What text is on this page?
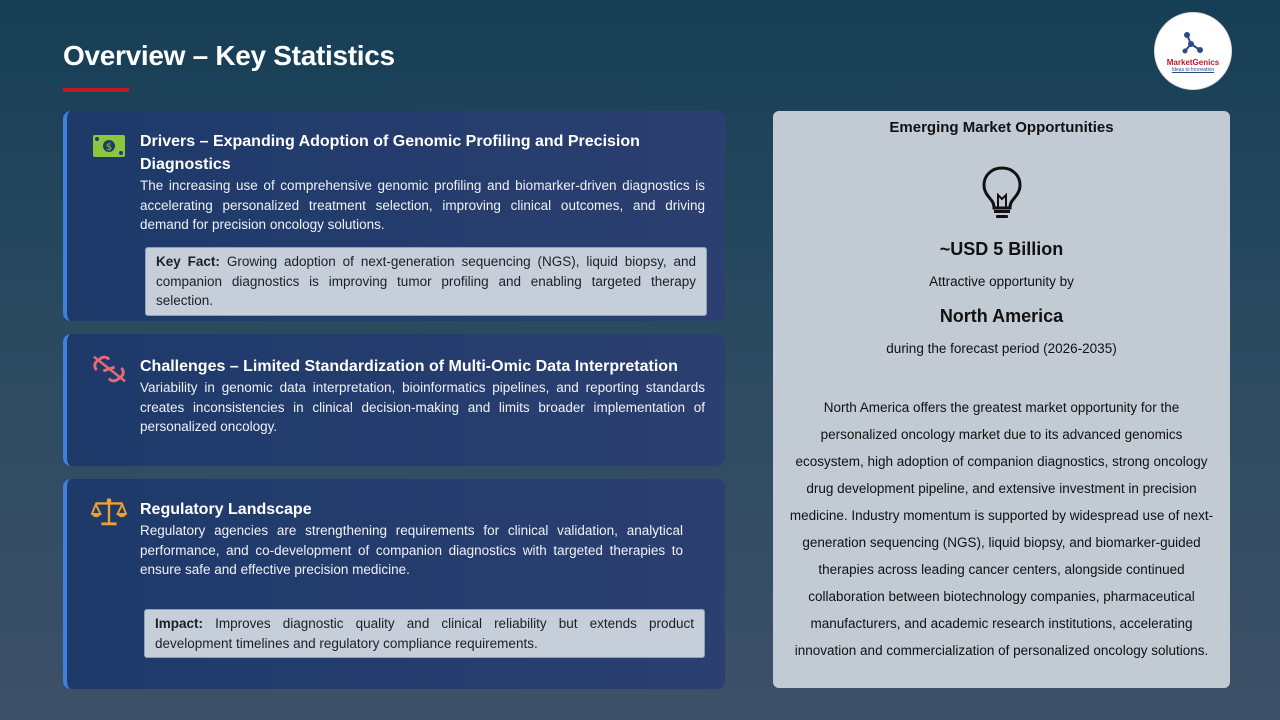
Overview – Key Statistics	MarketGenics
Ideas to Innovation
$ Drivers – Expanding Adoption of Genomic Profiling and Precision Diagnostics
The increasing use of comprehensive genomic profiling and biomarker-driven diagnostics is accelerating personalized treatment selection, improving clinical outcomes, and driving demand for precision oncology solutions.
Key Fact: Growing adoption of next-generation sequencing (NGS), liquid biopsy, and companion diagnostics is improving tumor profiling and enabling targeted therapy selection.
Challenges – Limited Standardization of Multi-Omic Data Interpretation
Variability in genomic data interpretation, bioinformatics pipelines, and reporting standards creates inconsistencies in clinical decision-making and limits broader implementation of personalized oncology.
Regulatory Landscape
Regulatory agencies are strengthening requirements for clinical validation, analytical performance, and co-development of companion diagnostics with targeted therapies to ensure safe and effective precision medicine.
Impact: Improves diagnostic quality and clinical reliability but extends product development timelines and regulatory compliance requirements.
Emerging Market Opportunities
~USD 5 Billion
Attractive opportunity by
North America
during the forecast period (2026-2035)
North America offers the greatest market opportunity for the personalized oncology market due to its advanced genomics ecosystem, high adoption of companion diagnostics, strong oncology drug development pipeline, and extensive investment in precision medicine. Industry momentum is supported by widespread use of next-generation sequencing (NGS), liquid biopsy, and biomarker-guided therapies across leading cancer centers, alongside continued collaboration between biotechnology companies, pharmaceutical manufacturers, and academic research institutions, accelerating innovation and commercialization of personalized oncology solutions.
